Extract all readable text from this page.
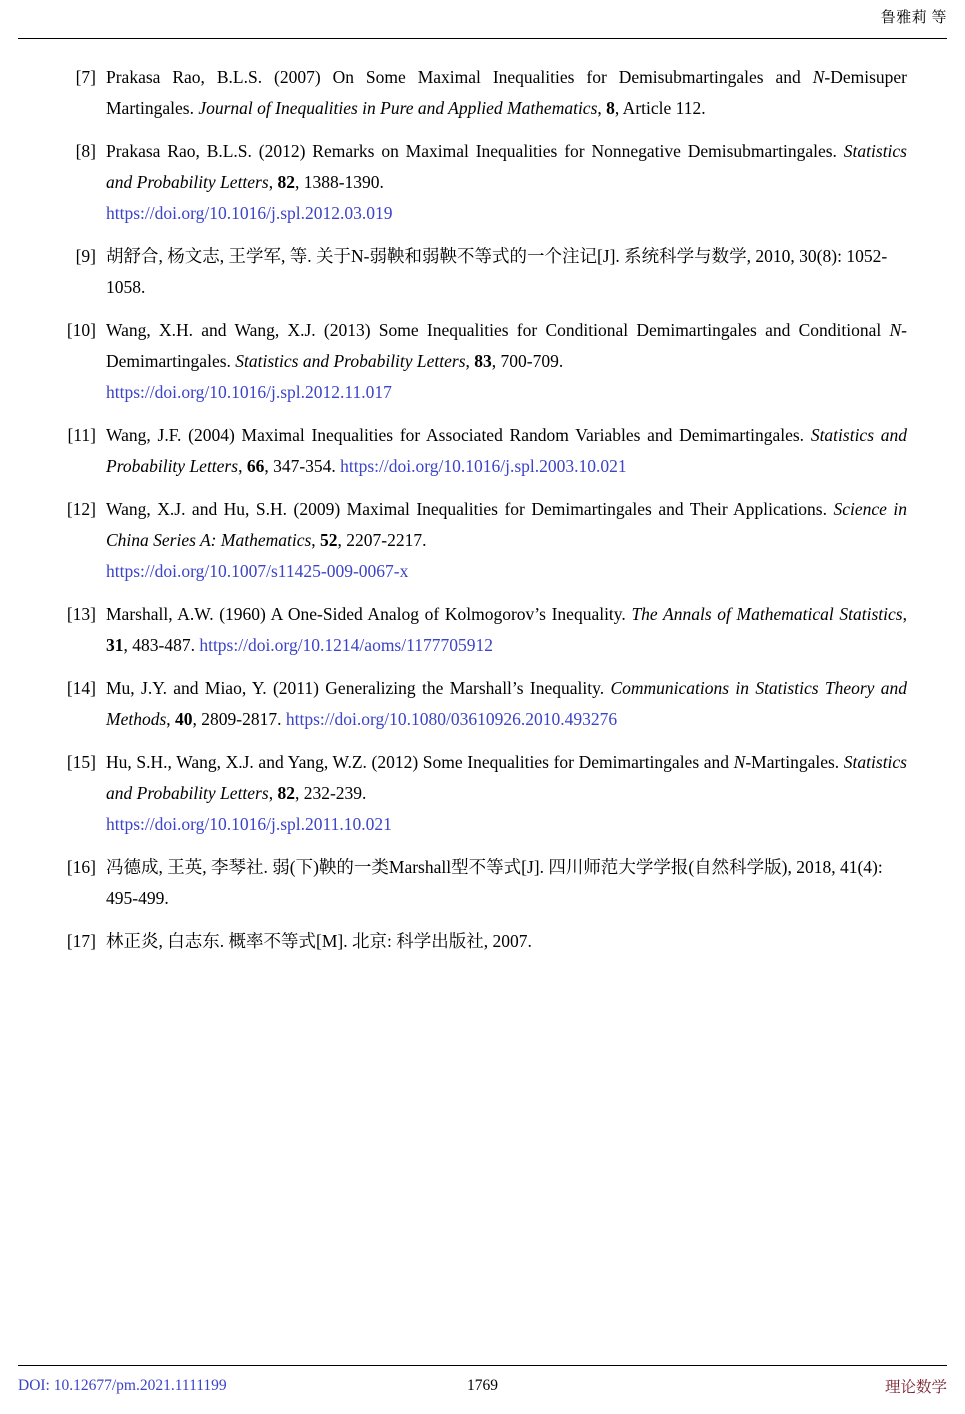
鲁雅莉 等
[7] Prakasa Rao, B.L.S. (2007) On Some Maximal Inequalities for Demisubmartingales and N-Demisuper Martingales. Journal of Inequalities in Pure and Applied Mathematics, 8, Article 112.
[8] Prakasa Rao, B.L.S. (2012) Remarks on Maximal Inequalities for Nonnegative Demisubmartingales. Statistics and Probability Letters, 82, 1388-1390.
https://doi.org/10.1016/j.spl.2012.03.019
[9] 胡舒合, 杨文志, 王学军, 等. 关于N-弱鞅和弱鞅不等式的一个注记[J]. 系统科学与数学, 2010, 30(8): 1052-1058.
[10] Wang, X.H. and Wang, X.J. (2013) Some Inequalities for Conditional Demimartingales and Conditional N-Demimartingales. Statistics and Probability Letters, 83, 700-709.
https://doi.org/10.1016/j.spl.2012.11.017
[11] Wang, J.F. (2004) Maximal Inequalities for Associated Random Variables and Demimartingales. Statistics and Probability Letters, 66, 347-354. https://doi.org/10.1016/j.spl.2003.10.021
[12] Wang, X.J. and Hu, S.H. (2009) Maximal Inequalities for Demimartingales and Their Applications. Science in China Series A: Mathematics, 52, 2207-2217.
https://doi.org/10.1007/s11425-009-0067-x
[13] Marshall, A.W. (1960) A One-Sided Analog of Kolmogorov’s Inequality. The Annals of Mathematical Statistics, 31, 483-487. https://doi.org/10.1214/aoms/1177705912
[14] Mu, J.Y. and Miao, Y. (2011) Generalizing the Marshall’s Inequality. Communications in Statistics Theory and Methods, 40, 2809-2817. https://doi.org/10.1080/03610926.2010.493276
[15] Hu, S.H., Wang, X.J. and Yang, W.Z. (2012) Some Inequalities for Demimartingales and N-Martingales. Statistics and Probability Letters, 82, 232-239.
https://doi.org/10.1016/j.spl.2011.10.021
[16] 冯德成, 王英, 李琴社. 弱(下)鞅的一类Marshall型不等式[J]. 四川师范大学学报(自然科学版), 2018, 41(4): 495-499.
[17] 林正炎, 白志东. 概率不等式[M]. 北京: 科学出版社, 2007.
DOI: 10.12677/pm.2021.1111199	1769	理论数学
